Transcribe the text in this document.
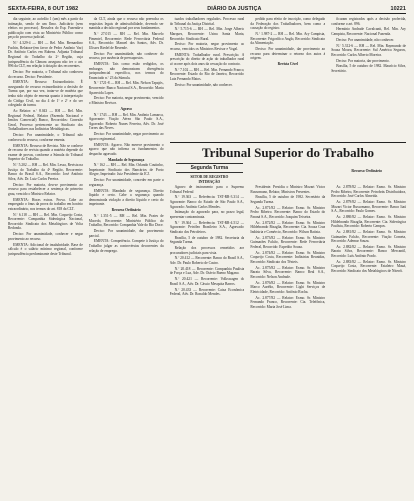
SEXTA-FEIRA, 8 OUT 1982	DIÁRIO DA JUSTIÇA	10221

dia seguinte, ao acórdão 1 (um) mês a partir da intimação, sendo de um Ilmo. Judiciário (sem efeitos no processo). Ressalva do Esp. Fazenda-a publicação com vista ao Ministério Público como peça do processo judicial.

N.º 4.329-4 — RH — Rel. Min. Bernardino Fachin, Relatora-(em favor de Pedro Antônio Vaz) Dr. Antônio Carlos em Rubens. Adjunta Tribunal Regional do Trabalho da 2ª Região, cuja jurisprudência da Câmara assegura não ter o art. 896 da CLT, em relação à dotação dos recorrentes.

Deciso: Por maioria, o Tribunal não conheceu do recurso. Deciso: Presidente.

EMENTA: Recurso Extraordinário. É assegurado de recurso extraordinário a decisão de Turma que, por sua vez, tratar-se de matéria que tenha sido objeto de ementa quanto à interpretação do Código Civil, no dia 4 de 1º e 2º e do ser colegiado da turma.

Ao Relator: n.º 8.043 — RH — Rel. Min. Regional Federal, Relator (Fazenda Nacional e Irmãos Comercial) Banco, Recorridos: Conexão Geral, Processo pertencente ao Sindicato dos Trabalhadores nas Indústrias Metalúrgicas.

Deciso: Por unanimidade, o Tribunal não conheceu do recurso, conforme ementa.

EMENTA: Recurso de Revista. Não se conhece de recurso de revista quando a matéria depende do exame de provas, conforme a Súmula do Tribunal Superior do Trabalho.

N.º 5.202 — RH — Rel. Min. Lessa, Revista na Justiça do Trabalho da 4ª Região, Recorrente: Banco do Brasil S.A., Recorrido: José Antônio Silva, Adv. Dr. Luiz Carlos Pereira.

Deciso: Por maioria, deu-se provimento ao recurso para restabelecer a sentença de primeiro grau, vencido o Ministro Relator.

EMENTA: Horas extras. Prova. Cabe ao empregado o ônus da prova do trabalho em horário extraordinário, nos termos do art. 818 da CLT.

N.º 6.118 — RH — Rel. Min. Coqueijo Costa, Recorrente: Companhia Siderúrgica Nacional, Recorrido: Sindicato dos Metalúrgicos de Volta Redonda.

Deciso: Por unanimidade, conhecer e negar provimento ao recurso.

EMENTA: Adicional de insalubridade. Base de cálculo é o salário mínimo regional, conforme jurisprudência predominante deste Tribunal.

da CLT, ainda que o recurso não preencha os requisitos legais de admissibilidade, devendo ser mantida a decisão regional por seus fundamentos.

N.º 27.015 — RH — Rel. Min. Marcelo Pimentel, Recorrente: Rede Ferroviária Federal S.A., Recorrido: Manoel dos Santos, Adv. Dr. Ulisses Riedel de Resende.

Deciso: Por unanimidade, não conhecer do recurso, por ausência de pressupostos.

EMENTA: Tais como estão redigidos, os embargos não demonstram divergência jurisprudencial específica, nos termos do Enunciado n.º 23 da Súmula.

N.º 1721-8 — RH — Rel. Min. Nelson Tapajós, Recorrente: Banco Nacional S.A., Recorrido: Maria Aparecida Lopes.

Deciso: Por maioria, negar provimento, vencido o Ministro Revisor.

Agravo

N.º 1743 — RH — Rel. Min. Antônio Lamarca, Agravante: Viação Aérea São Paulo S.A., Agravado: Roberto Nunes Ferreira, Adv. Dr. José Torres das Neves.

Deciso: Por unanimidade, negar provimento ao agravo regimental.

EMENTA: Agravo. Não merece provimento o agravo que não infirma os fundamentos do despacho agravado.

Mandado de Segurança

N.º 162 — RH — Rel. Min. Orlando Coutinho, Impetrante: Sindicato dos Bancários de Porto Alegre, Impetrado: Juiz Presidente da JCJ.

Deciso: Por unanimidade, conceder em parte a segurança.

EMENTA: Mandado de segurança. Direito líquido e certo. Cabe a segurança quando demonstrada violação a direito líquido e certo do impetrante.

Recurso Ordinário

N.º 1.351-5 — RH — Rel. Min. Prates de Macedo, Recorrente: Ministério Público do Trabalho, Recorrido: Companhia Vale do Rio Doce.

Deciso: Por unanimidade, dar provimento parcial.

EMENTA: Competência. Compete à Justiça do Trabalho julgar as controvérsias decorrentes da relação de emprego.

tuados trabalhadores regulados. Processo rural do Tribunal da Justiça Distrital.

N.º 5.715-6 — RH — Rel. Min. Jorge Alberto Marques, Recorrente: Usina Santa Maria, Recorrido: Sindicato Rural.

Deciso: Por maioria, negar provimento ao recurso, vencidos os Ministros Revisor e Vogal.

EMENTA: Trabalhador rural. Prescrição. A prescrição do direito de ação do trabalhador rural só ocorre após dois anos da cessação do contrato.

N.º 7.102 — RH — Rel. Min. Fernando Franco, Recorrente: Estado do Rio de Janeiro, Recorrido: Luiz Fernando Matos.

Deciso: Por unanimidade, não conhecer.

Agravo de instrumento para o Supremo Tribunal Federal

N.º 19.363 — Referência: TST-RR-3.314 — Agravante: Banco do Estado de São Paulo S.A., Agravado: Antônio Carlos Mendes.

Intimação do agravado para, no prazo legal, apresentar contraminuta.

N.º 19.364 — Referência: TST-RR-4.512 — Agravante: Petróleo Brasileiro S.A., Agravado: Sindicato dos Petroleiros.

Brasília, 5 de outubro de 1982. Secretaria da Segunda Turma.

Relação dos processos remetidos aos procuradores judiciais para vista.

N.º 20.412 — Recorrente: Banco do Brasil S.A., Adv. Dr. Paulo Roberto de Castro.

N.º 20.418 — Recorrente: Companhia Paulista de Força e Luz, Adv. Dr. Otávio Bueno Magano.

N.º 20.421 — Recorrente: Volkswagen do Brasil S.A., Adv. Dr. Cássio Mesquita Barros.

N.º 20.433 — Recorrente: Caixa Econômica Federal, Adv. Dr. Ronaldo Mendes.

pedido para efeito de inscrição, como delegado da Federação dos Trabalhadores, bem como a cassação do registro.

N.º 1.987-2 — RH — Rel. Min. Ary Campista, Recorrente: Frigorífico Anglo, Recorrido: Sindicato da Alimentação.

Deciso: Por unanimidade, dar provimento ao recurso para determinar o retorno dos autos à origem.

Revista Cível

Presidente. Presidiu o Ministro Mozart Victor Russomano, Relator, Ministros Presentes.

Brasília, 5 de outubro de 1982. Secretário da Segunda Turma.

Ac. 2.871/82 — Relator: Exmo. Sr. Ministro Pedro Ribeiro. Recorrente: Banco do Estado do Paraná S.A., Recorrido: Joaquim Teixeira.

Ac. 2.872/82 — Relator: Exmo. Sr. Ministro Hildebrando Bisaglia, Recorrente: Cia. Souza Cruz Indústria e Comércio, Recorrido: Wilson Batista.

Ac. 2.873/82 — Relator: Exmo. Sr. Ministro Guimarães Falcão, Recorrente: Rede Ferroviária Federal, Recorrido: Expedito Souza.

Ac. 2.874/82 — Relator: Exmo. Sr. Ministro Coqueijo Costa, Recorrente: Indústrias Reunidas, Recorrido: Sindicato dos Têxteis.

Ac. 2.875/82 — Relator: Exmo. Sr. Ministro Barata Silva, Recorrente: Banco Real S.A., Recorrido: Nelson Andrade.

Ac. 2.876/82 — Relator: Exmo. Sr. Ministro Marco Aurélio, Recorrente: Light Serviços de Eletricidade, Recorrido: Antônio Rocha.

Ac. 2.877/82 — Relator: Exmo. Sr. Ministro Fernando Franco, Recorrente: Cia. Telefônica, Recorrido: Maria José Lima.

ficaram registrados após a decisão proferida, conforme o art. 896.

Hermínio Andrade Cavalcanti, Rel. Min. Ary Campista, Recorrente: Nacional Fazenda.

Deciso: Por unanimidade, não conhecer.

N.º 5.312-6 — RH — Rel. Min. Raymundo de Souza Moura, Recorrente: Sul América Seguros, Recorrido: Carlos Alberto Moreira.

Deciso: Por maioria, dar provimento.

Brasília, 5 de outubro de 1982. Maurício Silva, Secretário.

Ac. 2.878/82 — Relator: Exmo. Sr. Ministro Pedro Ribeiro, Recorrente: Petrobrás Distribuidora, Recorrido: José Carlos Almeida.

Ac. 2.879/82 — Relator: Exmo. Sr. Ministro Mozart Victor Russomano, Recorrente: Banco Itaú S.A., Recorrido: Paulo Gomes.

Ac. 2.880/82 — Relator: Exmo. Sr. Ministro Hildebrando Bisaglia, Recorrente: Cia. Siderúrgica Paulista, Recorrido: Roberto Campos.

Ac. 2.881/82 — Relator: Exmo. Sr. Ministro Guimarães Falcão, Recorrente: Viação Cometa, Recorrido: Ademar Souza.

Ac. 2.882/82 — Relator: Exmo. Sr. Ministro Barata Silva, Recorrente: Banco Mercantil, Recorrido: Luís Antônio Prado.

Ac. 2.883/82 — Relator: Exmo. Sr. Ministro Coqueijo Costa, Recorrente: Estaleiro Mauá, Recorrido: Sindicato dos Metalúrgicos de Niterói.

Tribunal Superior do Trabalho
Segunda Turma
SETOR DE REGISTRO
INTIMAÇÃO
Recurso Ordinário
